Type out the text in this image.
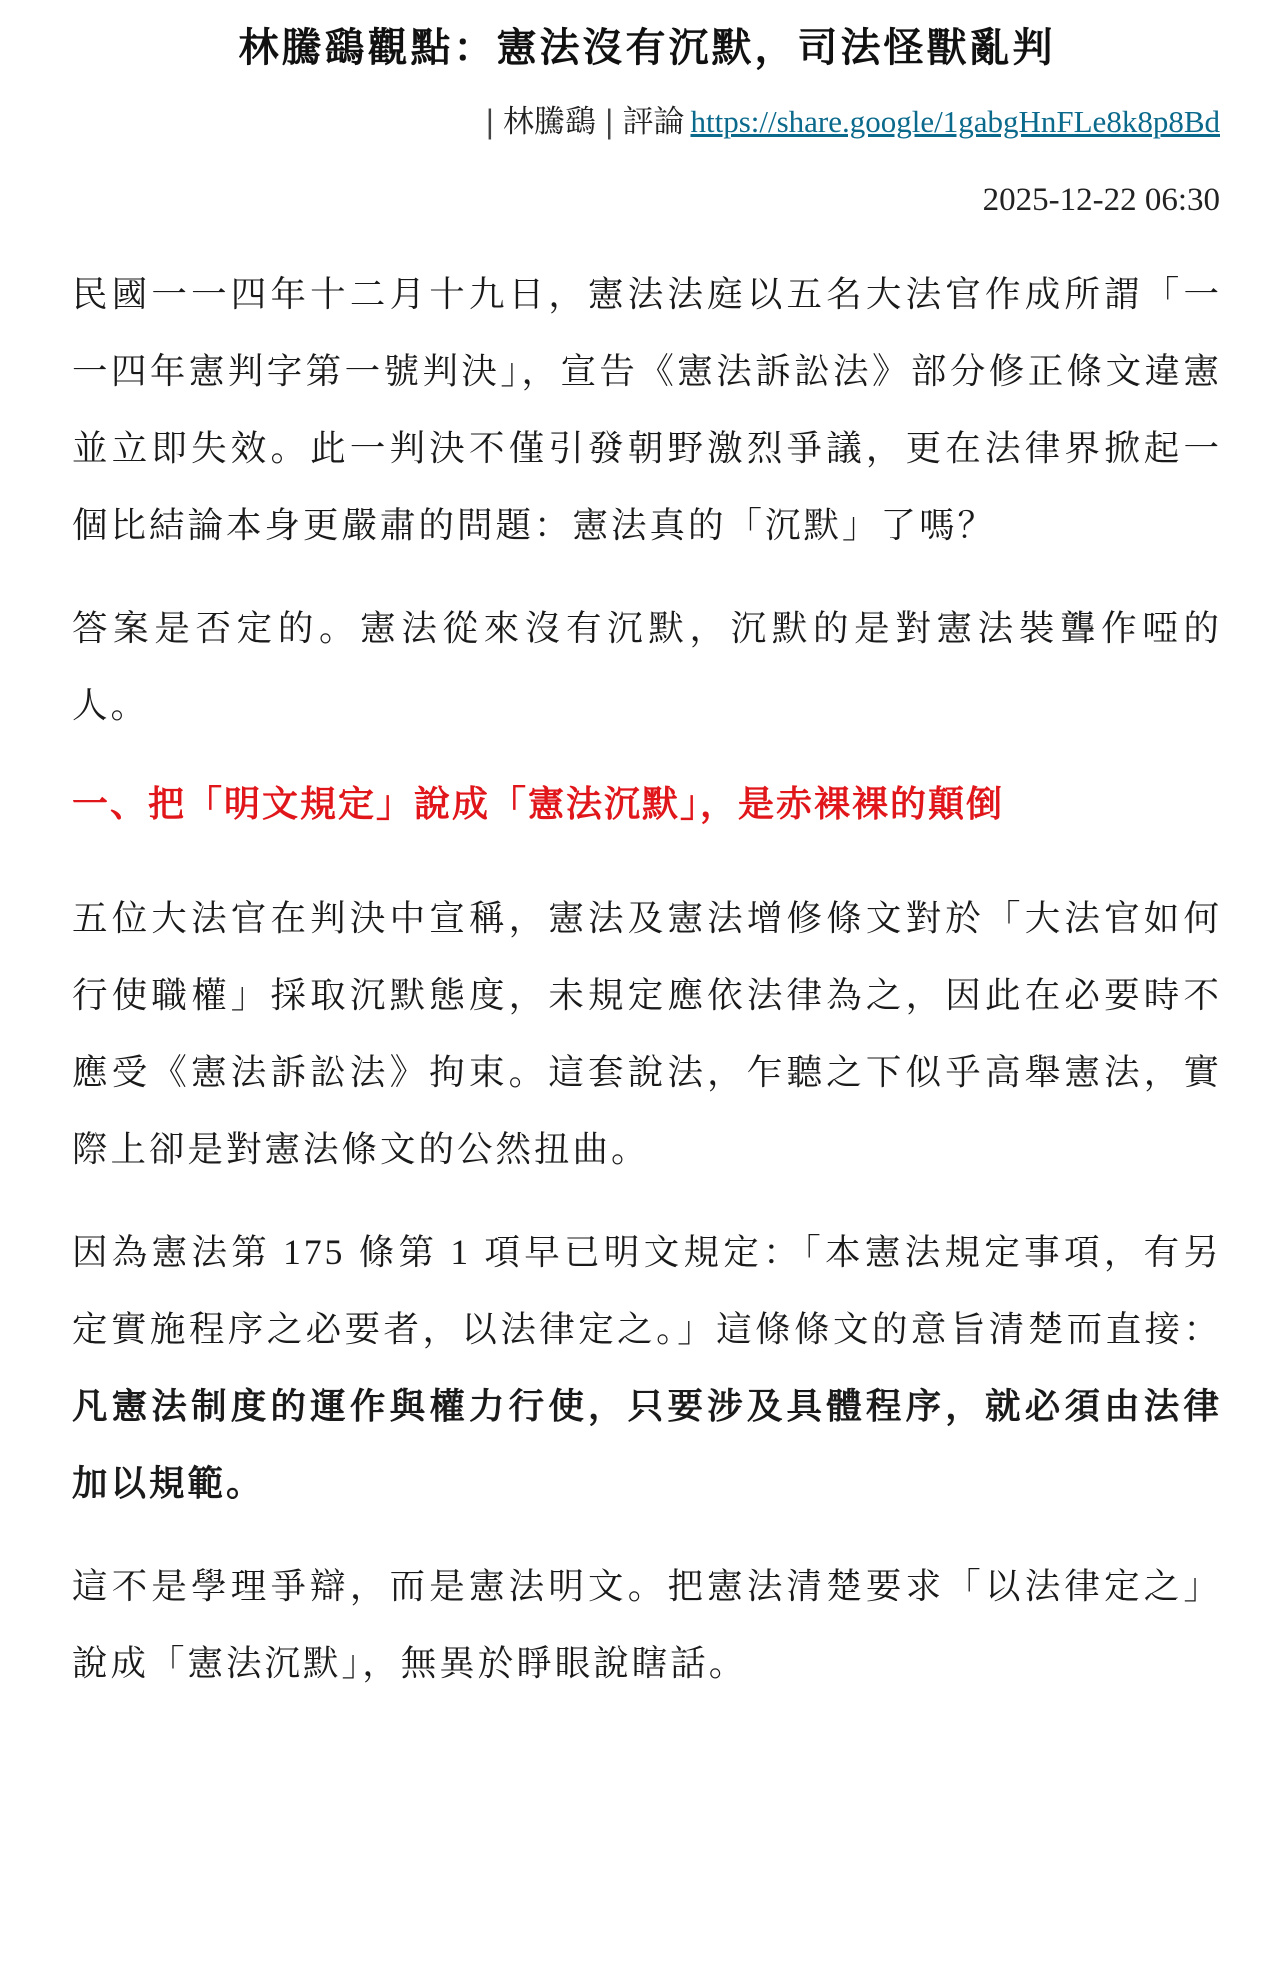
林騰鷂觀點：憲法沒有沉默，司法怪獸亂判
| 林騰鷂 | 評論 https://share.google/1gabgHnFLe8k8p8Bd
2025-12-22 06:30

民國一一四年十二月十九日，憲法法庭以五名大法官作成所謂「一一四年憲判字第一號判決」，宣告《憲法訴訟法》部分修正條文違憲並立即失效。此一判決不僅引發朝野激烈爭議，更在法律界掀起一個比結論本身更嚴肅的問題：憲法真的「沉默」了嗎？

答案是否定的。憲法從來沒有沉默，沉默的是對憲法裝聾作啞的人。

一、把「明文規定」說成「憲法沉默」，是赤裸裸的顛倒

五位大法官在判決中宣稱，憲法及憲法增修條文對於「大法官如何行使職權」採取沉默態度，未規定應依法律為之，因此在必要時不應受《憲法訴訟法》拘束。這套說法，乍聽之下似乎高舉憲法，實際上卻是對憲法條文的公然扭曲。

因為憲法第 175 條第 1 項早已明文規定：「本憲法規定事項，有另定實施程序之必要者，以法律定之。」這條條文的意旨清楚而直接：凡憲法制度的運作與權力行使，只要涉及具體程序，就必須由法律加以規範。

這不是學理爭辯，而是憲法明文。把憲法清楚要求「以法律定之」說成「憲法沉默」，無異於睜眼說瞎話。
